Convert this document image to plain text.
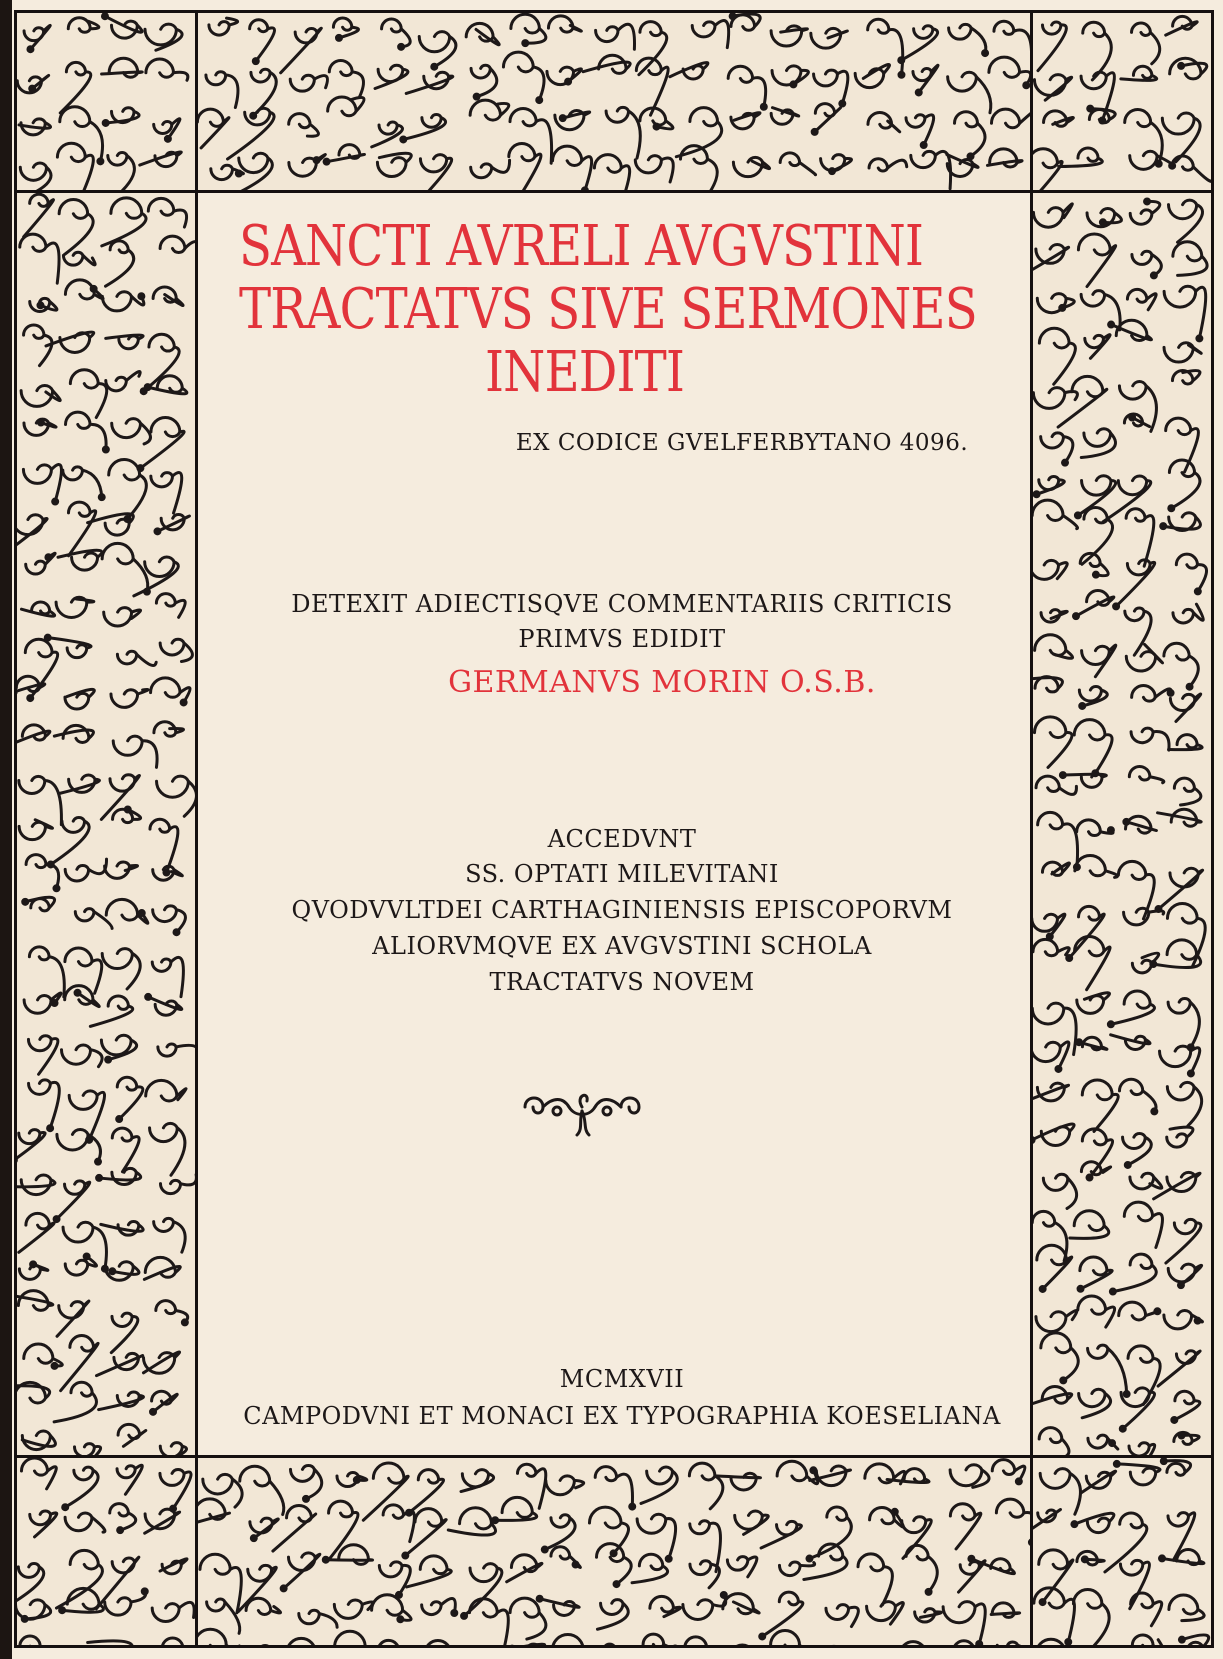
SANCTI AVRELI AVGVSTINI
TRACTATVS SIVE SERMONES
INEDITI
EX CODICE GVELFERBYTANO 4096.
DETEXIT ADIECTISQVE COMMENTARIIS CRITICIS
PRIMVS EDIDIT
GERMANVS MORIN O.S.B.
ACCEDVNT
SS. OPTATI MILEVITANI
QVODVVLTDEI CARTHAGINIENSIS EPISCOPORVM
ALIORVMQVE EX AVGVSTINI SCHOLA
TRACTATVS NOVEM
MCMXVII
CAMPODVNI ET MONACI EX TYPOGRAPHIA KOESELIANA
